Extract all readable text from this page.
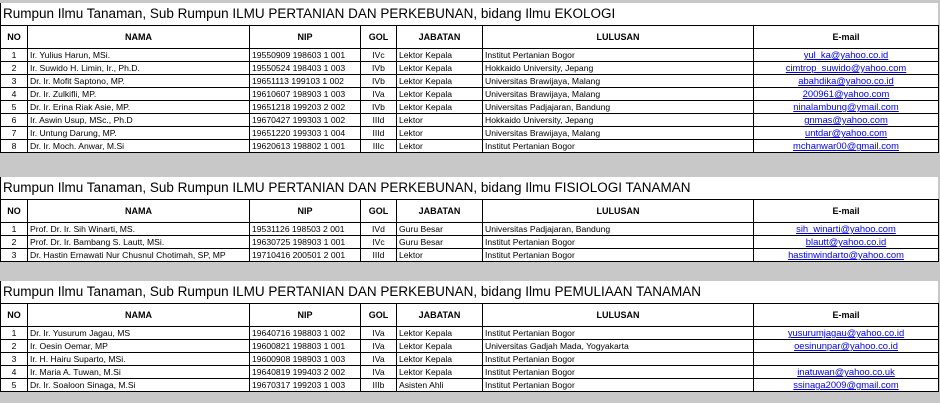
Rumpun Ilmu Tanaman, Sub Rumpun ILMU PERTANIAN DAN PERKEBUNAN, bidang Ilmu EKOLOGI
NO	NAMA	NIP	GOL	JABATAN	LULUSAN	E-mail
1	Ir. Yulius Harun, MSi.	19550909 198603 1 001	IVc	Lektor Kepala	Institut Pertanian Bogor	yul_ka@yahoo.co.id
2	Ir. Suwido H. Limin, Ir., Ph.D.	19550524 198403 1 003	IVb	Lektor Kepala	Hokkaido University, Jepang	cimtrop_suwido@yahoo.com
3	Dr. Ir. Mofit Saptono, MP.	19651113 199103 1 002	IVb	Lektor Kepala	Universitas Brawijaya, Malang	abahdika@yahoo.co.id
4	Dr. Ir. Zulkifli, MP.	19610607 198903 1 003	IVa	Lektor Kepala	Universitas Brawijaya, Malang	200961@yahoo.com
5	Dr. Ir. Erina Riak Asie, MP.	19651218 199203 2 002	IVb	Lektor Kepala	Universitas Padjajaran, Bandung	ninalambung@ymail.com
6	Ir. Aswin Usup, MSc., Ph.D	19670427 199303 1 002	IIId	Lektor	Hokkaido University, Jepang	gnmas@yahoo.com
7	Ir. Untung Darung, MP.	19651220 199303 1 004	IIId	Lektor	Universitas Brawijaya, Malang	untdar@yahoo.com
8	Dr. Ir. Moch. Anwar, M.Si	19620613 198802 1 001	IIIc	Lektor	Institut Pertanian Bogor	mchanwar00@gmail.com
Rumpun Ilmu Tanaman, Sub Rumpun ILMU PERTANIAN DAN PERKEBUNAN, bidang Ilmu FISIOLOGI TANAMAN
NO	NAMA	NIP	GOL	JABATAN	LULUSAN	E-mail
1	Prof. Dr. Ir. Sih Winarti, MS.	19531126 198503 2 001	IVd	Guru Besar	Universitas Padjajaran, Bandung	sih_winarti@yahoo.com
2	Prof. Dr. Ir. Bambang S. Lautt, MSi.	19630725 198903 1 001	IVc	Guru Besar	Institut Pertanian Bogor	blautt@yahoo.co.id
3	Dr. Hastin Ernawati Nur Chusnul Chotimah, SP, MP	19710416 200501 2 001	IIId	Lektor	Institut Pertanian Bogor	hastinwindarto@yahoo.com
Rumpun Ilmu Tanaman, Sub Rumpun ILMU PERTANIAN DAN PERKEBUNAN, bidang Ilmu PEMULIAAN TANAMAN
NO	NAMA	NIP	GOL	JABATAN	LULUSAN	E-mail
1	Dr. Ir. Yusurum Jagau, MS	19640716 198803 1 002	IVa	Lektor Kepala	Institut Pertanian Bogor	yusurumjagau@yahoo.co.id
2	Ir. Oesin Oemar, MP	19600821 198803 1 001	IVa	Lektor Kepala	Universitas Gadjah Mada, Yogyakarta	oesinunpar@yahoo.co.id
3	Ir. H. Hairu Suparto, MSi.	19600908 198903 1 003	IVa	Lektor Kepala	Institut Pertanian Bogor	
4	Ir. Maria A. Tuwan, M.Si	19640819 199403 2 002	IVa	Lektor Kepala	Institut Pertanian Bogor	inatuwan@yahoo.co.uk
5	Dr. Ir. Soaloon Sinaga, M.Si	19670317 199203 1 003	IIIb	Asisten Ahli	Institut Pertanian Bogor	ssinaga2009@gmail.com
